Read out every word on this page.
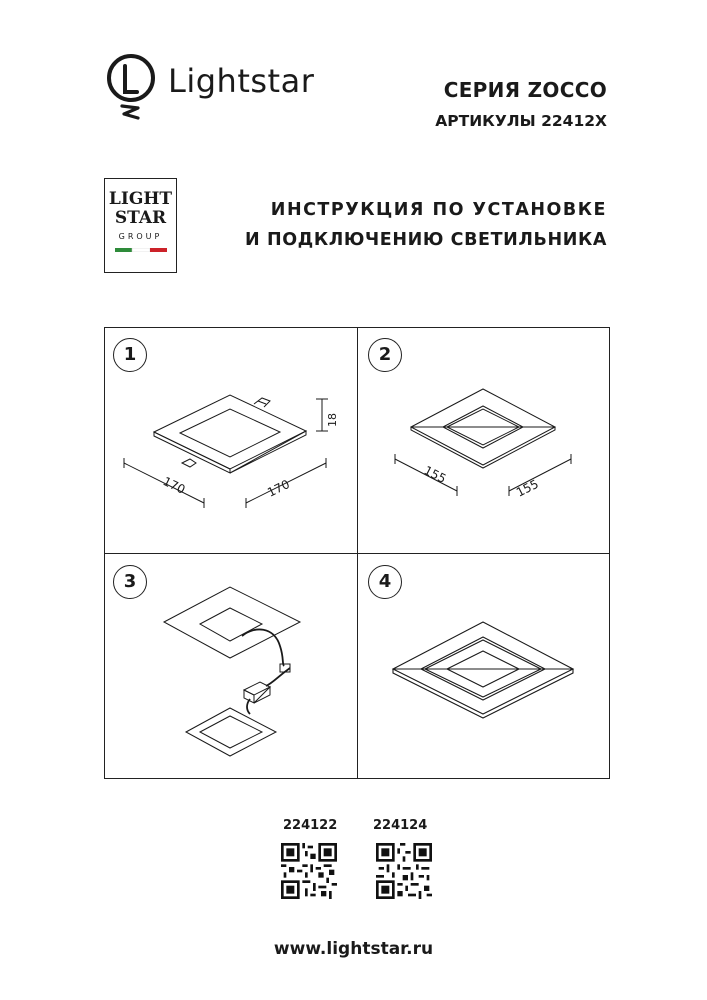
Lightstar	СЕРИЯ ZOCCO
АРТИКУЛЫ 22412X
LIGHT
STAR
GROUP
ИНСТРУКЦИЯ ПО УСТАНОВКЕ
И ПОДКЛЮЧЕНИЮ СВЕТИЛЬНИКА
1
170	170
18
2
155
155
3	4
224122	224124
www.lightstar.ru
